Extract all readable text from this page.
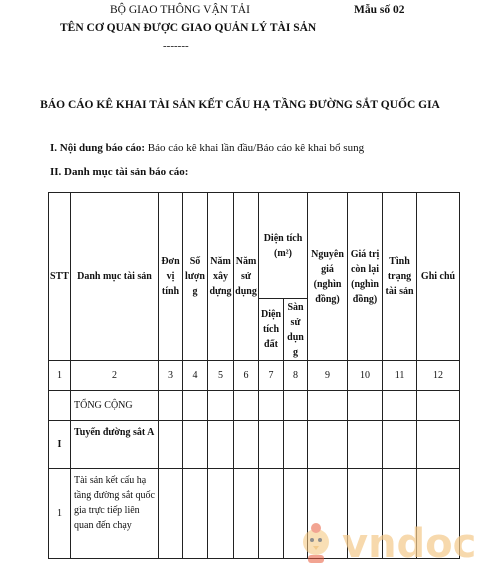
BỘ GIAO THÔNG VẬN TẢI	Mẫu số 02
TÊN CƠ QUAN ĐƯỢC GIAO QUẢN LÝ TÀI SẢN
-------
BÁO CÁO KÊ KHAI TÀI SẢN KẾT CẤU HẠ TẦNG ĐƯỜNG SẮT QUỐC GIA
I. Nội dung báo cáo: Báo cáo kê khai lần đầu/Báo cáo kê khai bổ sung
II. Danh mục tài sản báo cáo:
STT	Danh mục tài sản	Đơn vị tính	Số lượng	Năm xây dựng	Năm sử dụng	Diện tích (m²)		Nguyên giá (nghìn đồng)	Giá trị còn lại (nghìn đồng)	Tình trạng tài sản	Ghi chú
						Diện tích đất	Sàn sử dụng				
1	2	3	4	5	6	7	8	9	10	11	12
	TỔNG CỘNG										
I	Tuyến đường sắt A										
1	Tài sản kết cấu hạ tầng đường sắt quốc gia trực tiếp liên quan đến chạy											vndoc
